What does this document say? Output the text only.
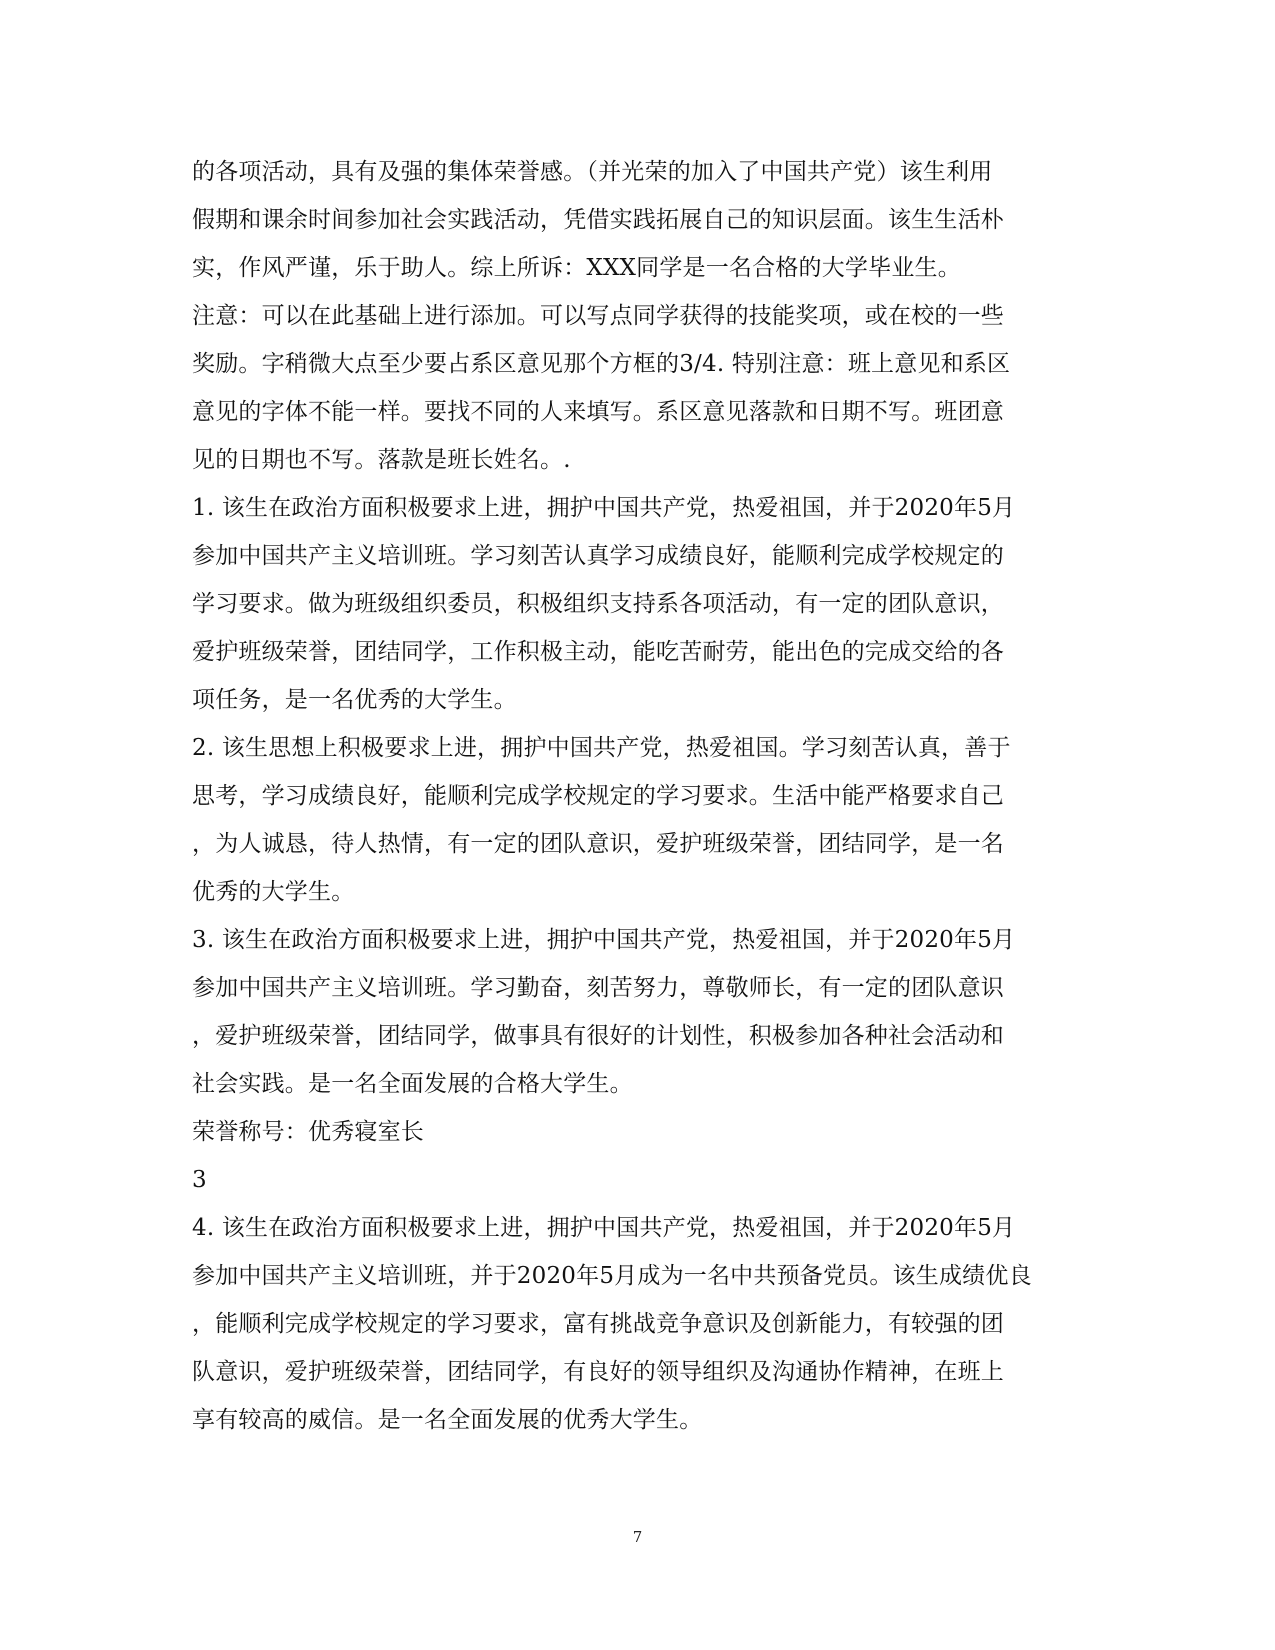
的各项活动，具有及强的集体荣誉感。（并光荣的加入了中国共产党）该生利用
假期和课余时间参加社会实践活动，凭借实践拓展自己的知识层面。该生生活朴
实，作风严谨，乐于助人。综上所诉：XXX同学是一名合格的大学毕业生。
注意：可以在此基础上进行添加。可以写点同学获得的技能奖项，或在校的一些
奖励。字稍微大点至少要占系区意见那个方框的3/4. 特别注意：班上意见和系区
意见的字体不能一样。要找不同的人来填写。系区意见落款和日期不写。班团意
见的日期也不写。落款是班长姓名。.
1. 该生在政治方面积极要求上进，拥护中国共产党，热爱祖国，并于2020年5月
参加中国共产主义培训班。学习刻苦认真学习成绩良好，能顺利完成学校规定的
学习要求。做为班级组织委员，积极组织支持系各项活动，有一定的团队意识，
爱护班级荣誉，团结同学，工作积极主动，能吃苦耐劳，能出色的完成交给的各
项任务，是一名优秀的大学生。
2. 该生思想上积极要求上进，拥护中国共产党，热爱祖国。学习刻苦认真，善于
思考，学习成绩良好，能顺利完成学校规定的学习要求。生活中能严格要求自己
，为人诚恳，待人热情，有一定的团队意识，爱护班级荣誉，团结同学，是一名
优秀的大学生。
3. 该生在政治方面积极要求上进，拥护中国共产党，热爱祖国，并于2020年5月
参加中国共产主义培训班。学习勤奋，刻苦努力，尊敬师长，有一定的团队意识
，爱护班级荣誉，团结同学，做事具有很好的计划性，积极参加各种社会活动和
社会实践。是一名全面发展的合格大学生。
荣誉称号：优秀寝室长
3
4. 该生在政治方面积极要求上进，拥护中国共产党，热爱祖国，并于2020年5月
参加中国共产主义培训班，并于2020年5月成为一名中共预备党员。该生成绩优良
，能顺利完成学校规定的学习要求，富有挑战竞争意识及创新能力，有较强的团
队意识，爱护班级荣誉，团结同学，有良好的领导组织及沟通协作精神，在班上
享有较高的威信。是一名全面发展的优秀大学生。
7
